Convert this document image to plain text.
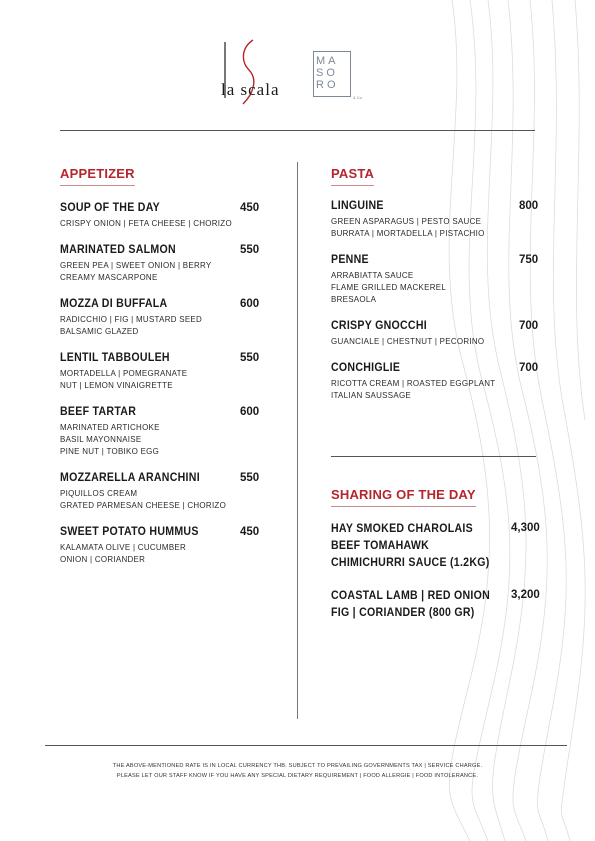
la scala
MA
SO
RO
& Co
APPETIZER
SOUP OF THE DAY	450
CRISPY ONION | FETA CHEESE | CHORIZO
MARINATED SALMON	550
GREEN PEA | SWEET ONION | BERRY
CREAMY MASCARPONE
MOZZA DI BUFFALA	600
RADICCHIO | FIG | MUSTARD SEED
BALSAMIC GLAZED
LENTIL TABBOULEH	550
MORTADELLA | POMEGRANATE
NUT | LEMON VINAIGRETTE
BEEF TARTAR	600
MARINATED ARTICHOKE
BASIL MAYONNAISE
PINE NUT | TOBIKO EGG
MOZZARELLA ARANCHINI	550
PIQUILLOS CREAM
GRATED PARMESAN CHEESE | CHORIZO
SWEET POTATO HUMMUS	450
KALAMATA OLIVE | CUCUMBER
ONION | CORIANDER
PASTA
LINGUINE	800
GREEN ASPARAGUS | PESTO SAUCE
BURRATA | MORTADELLA | PISTACHIO
PENNE	750
ARRABIATTA SAUCE
FLAME GRILLED MACKEREL
BRESAOLA
CRISPY GNOCCHI	700
GUANCIALE | CHESTNUT | PECORINO
CONCHIGLIE	700
RICOTTA CREAM | ROASTED EGGPLANT
ITALIAN SAUSSAGE
SHARING OF THE DAY
HAY SMOKED CHAROLAIS
BEEF TOMAHAWK
CHIMICHURRI SAUCE (1.2KG)
4,300
COASTAL LAMB | RED ONION
FIG | CORIANDER (800 GR)
3,200
THE ABOVE-MENTIONED RATE IS IN LOCAL CURRENCY THB. SUBJECT TO PREVAILING GOVERNMENTS TAX | SERVICE CHARGE.
PLEASE LET OUR STAFF KNOW IF YOU HAVE ANY SPECIAL DIETARY REQUIREMENT | FOOD ALLERGIE | FOOD INTOLERANCE.
